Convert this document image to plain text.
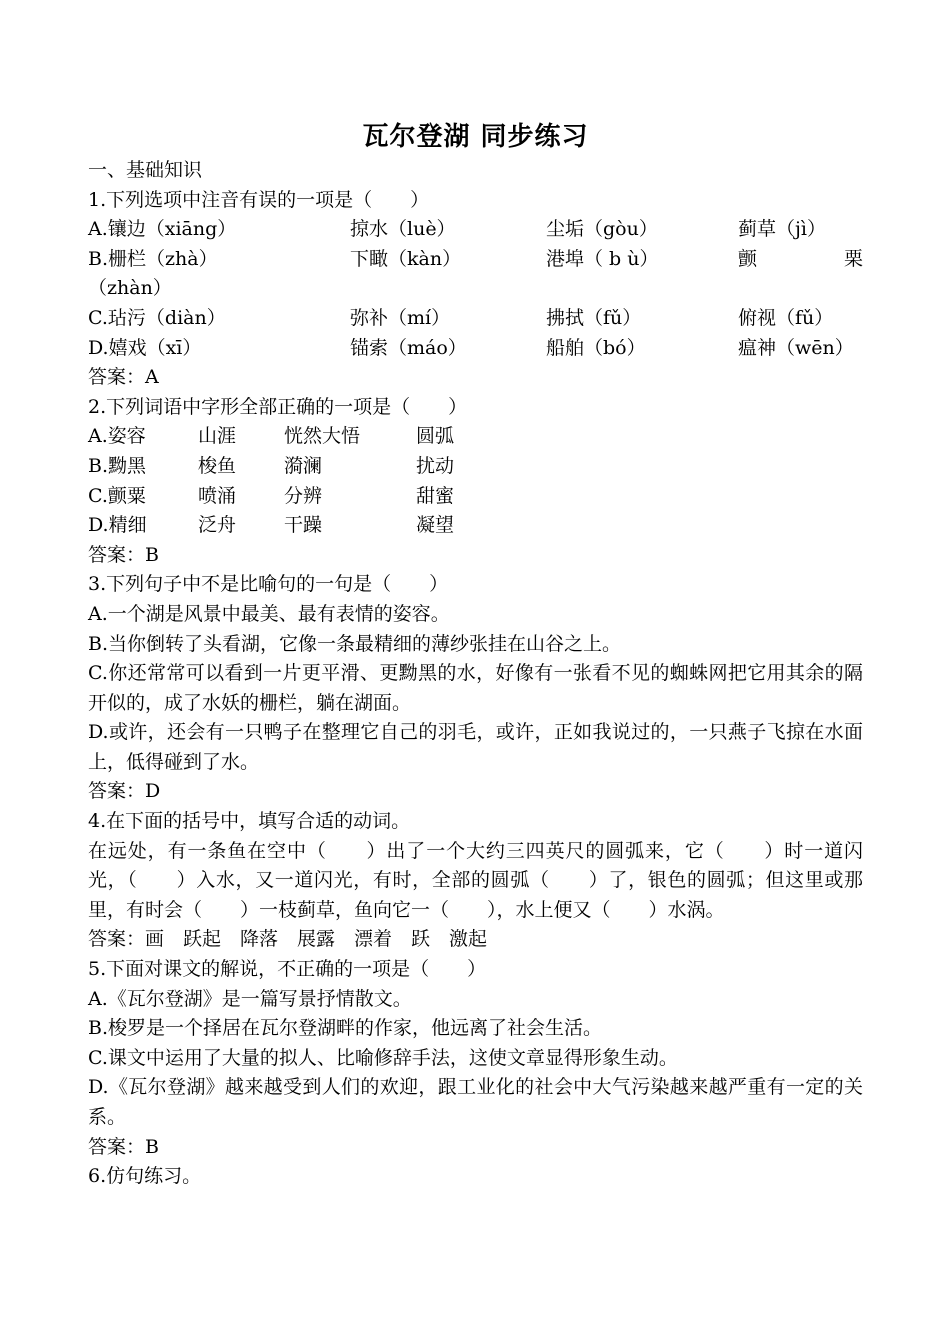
瓦尔登湖 同步练习
一、基础知识
1.下列选项中注音有误的一项是（　　）
A.镶边（xiāng）	掠水（luè）	尘垢（gòu）	蓟草（jì）
B.栅栏（zhà）	下瞰（kàn）	港埠（ b ù）	颤	栗
（zhàn）
C.玷污（diàn）	弥补（mí）	拂拭（fǔ）	俯视（fǔ）
D.嬉戏（xī）	锚索（máo）	船舶（bó）	瘟神（wēn）
答案：A
2.下列词语中字形全部正确的一项是（　　）
A.姿容	山涯	恍然大悟	圆弧
B.黝黑	梭鱼	漪澜	扰动
C.颤粟	喷涌	分辨	甜蜜
D.精细	泛舟	干躁	凝望
答案：B
3.下列句子中不是比喻句的一句是（　　）
A.一个湖是风景中最美、最有表情的姿容。
B.当你倒转了头看湖，它像一条最精细的薄纱张挂在山谷之上。
C.你还常常可以看到一片更平滑、更黝黑的水，好像有一张看不见的蜘蛛网把它用其余的隔开似的，成了水妖的栅栏，躺在湖面。
D.或许，还会有一只鸭子在整理它自己的羽毛，或许，正如我说过的，一只燕子飞掠在水面上，低得碰到了水。
答案：D
4.在下面的括号中，填写合适的动词。
在远处，有一条鱼在空中（　　）出了一个大约三四英尺的圆弧来，它（　　）时一道闪光，（　　）入水，又一道闪光，有时，全部的圆弧（　　）了，银色的圆弧；但这里或那里，有时会（　　）一枝蓟草，鱼向它一（　　），水上便又（　　）水涡。
答案：画　跃起　降落　展露　漂着　跃　激起
5.下面对课文的解说，不正确的一项是（　　）
A.《瓦尔登湖》是一篇写景抒情散文。
B.梭罗是一个择居在瓦尔登湖畔的作家，他远离了社会生活。
C.课文中运用了大量的拟人、比喻修辞手法，这使文章显得形象生动。
D.《瓦尔登湖》越来越受到人们的欢迎，跟工业化的社会中大气污染越来越严重有一定的关系。
答案：B
6.仿句练习。
